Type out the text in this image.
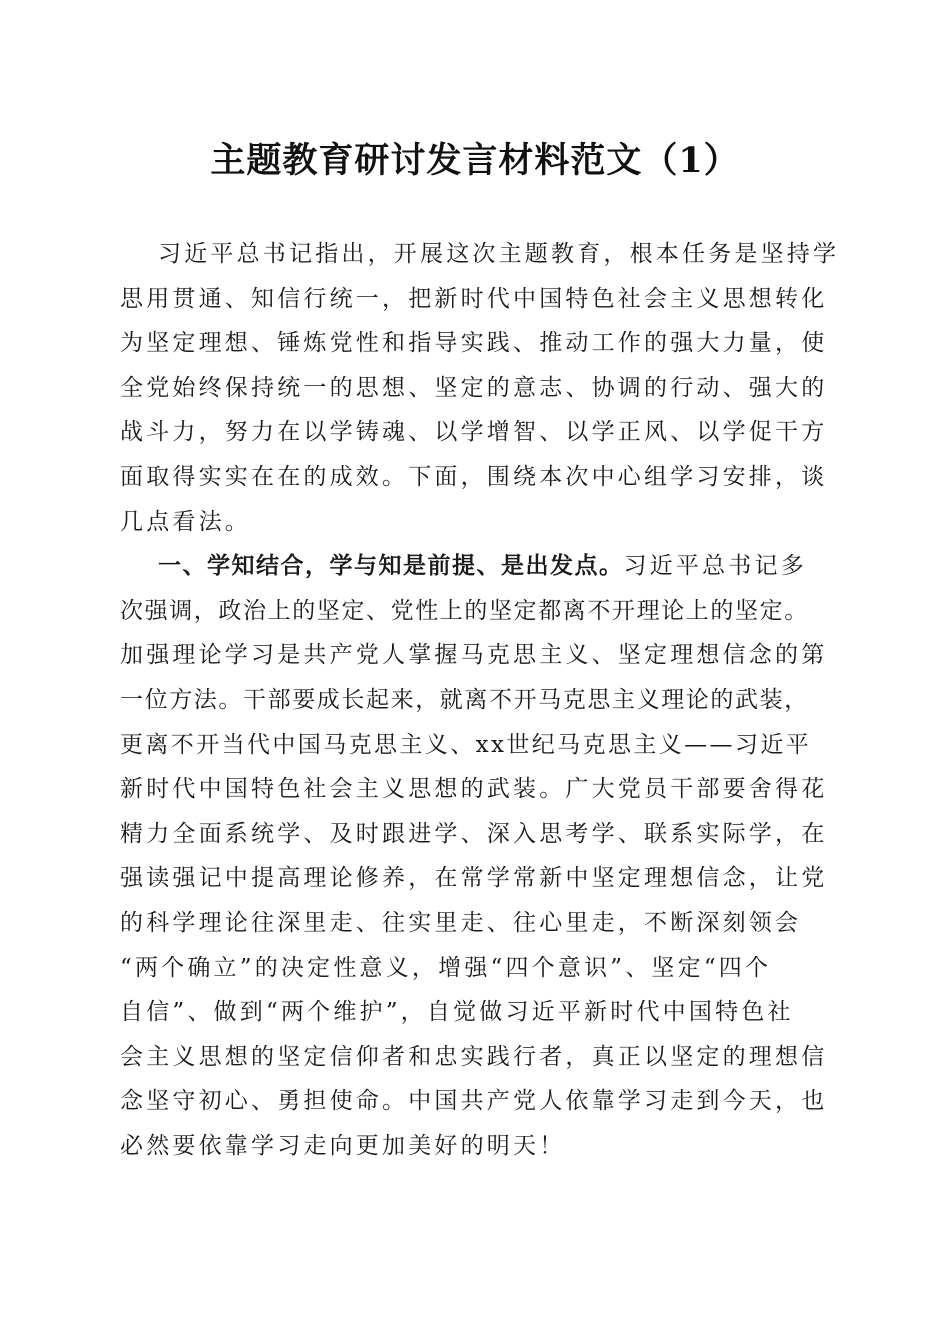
主题教育研讨发言材料范文（1）
习近平总书记指出，开展这次主题教育，根本任务是坚持学
思用贯通、知信行统一，把新时代中国特色社会主义思想转化
为坚定理想、锤炼党性和指导实践、推动工作的强大力量，使
全党始终保持统一的思想、坚定的意志、协调的行动、强大的
战斗力，努力在以学铸魂、以学增智、以学正风、以学促干方
面取得实实在在的成效。下面，围绕本次中心组学习安排，谈
几点看法。
一、学知结合，学与知是前提、是出发点。习近平总书记多
次强调，政治上的坚定、党性上的坚定都离不开理论上的坚定。
加强理论学习是共产党人掌握马克思主义、坚定理想信念的第
一位方法。干部要成长起来，就离不开马克思主义理论的武装，
更离不开当代中国马克思主义、xx世纪马克思主义——习近平
新时代中国特色社会主义思想的武装。广大党员干部要舍得花
精力全面系统学、及时跟进学、深入思考学、联系实际学，在
强读强记中提高理论修养，在常学常新中坚定理想信念，让党
的科学理论往深里走、往实里走、往心里走，不断深刻领会
“两个确立”的决定性意义，增强“四个意识”、坚定“四个
自信”、做到“两个维护”，自觉做习近平新时代中国特色社
会主义思想的坚定信仰者和忠实践行者，真正以坚定的理想信
念坚守初心、勇担使命。中国共产党人依靠学习走到今天，也
必然要依靠学习走向更加美好的明天！
